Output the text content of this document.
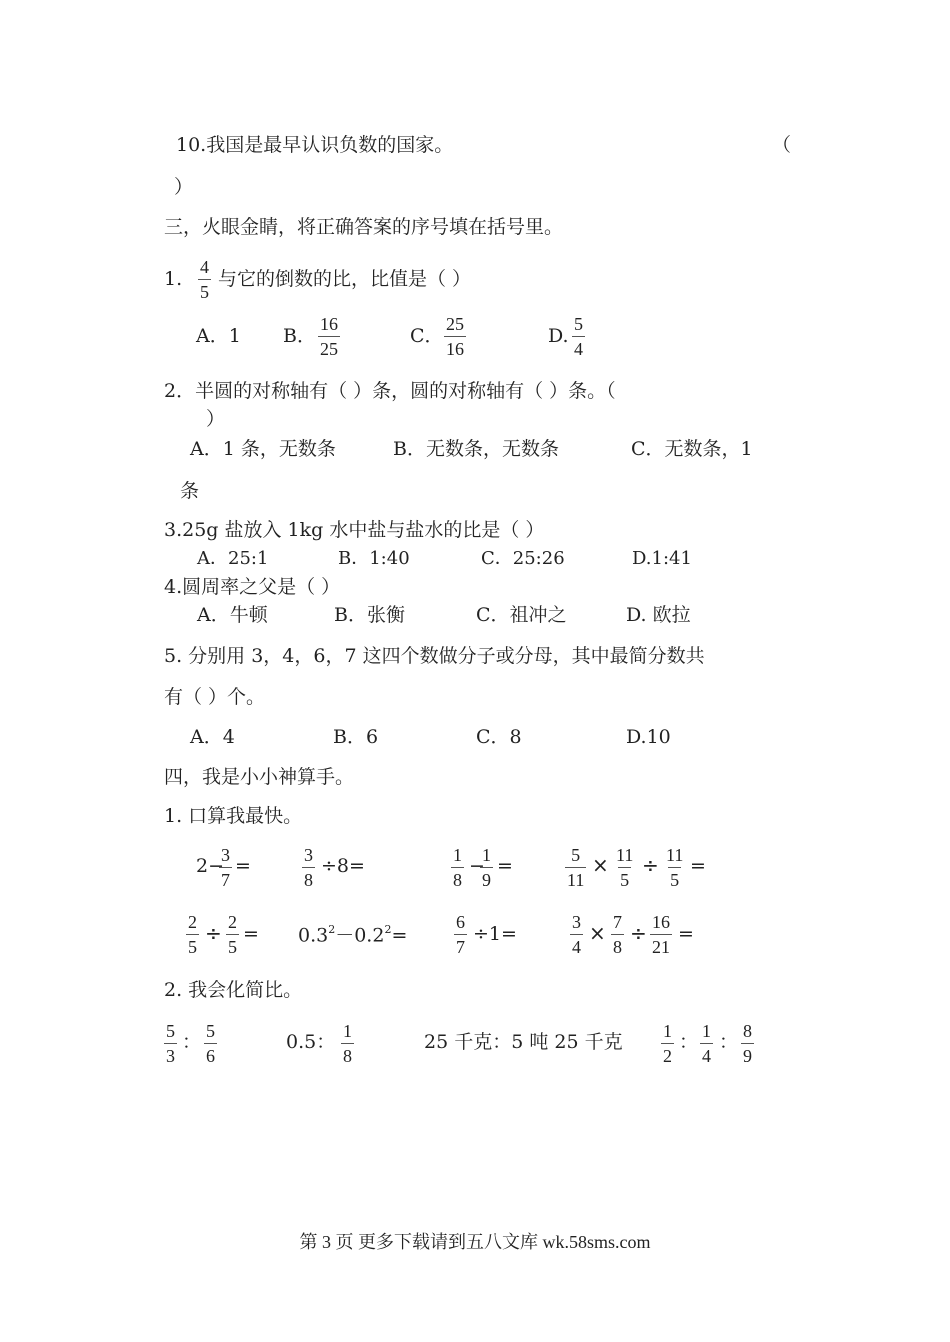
10.我国是最早认识负数的国家。	（
）
三，火眼金睛，将正确答案的序号填在括号里。
1. $\frac{4}{5}$ 与它的倒数的比，比值是（ ）
A．1 B． $\frac{16}{25}$	C． $\frac{25}{16}$	D. $\frac{5}{4}$
2．半圆的对称轴有（ ）条，圆的对称轴有（ ）条。（
）
A．1 条，无数条	B．无数条，无数条	C．无数条，1
条
3.25g 盐放入 1kg 水中盐与盐水的比是（ ）
A．25:1	B．1:40	C．25:26	D.1:41
4.圆周率之父是（ ）
A．牛顿	B．张衡	C．祖冲之	D. 欧拉
5. 分别用 3，4，6，7 这四个数做分子或分母，其中最简分数共
有（ ）个。
A．4	B．6	C．8	D.10
四，我是小小神算手。
1. 口算我最快。
2−
$\frac{3}{7}$ =	$\frac{3}{8} \div 8=$	$\frac{1}{8}$ −
$\frac{1}{9}$ =	$\frac{5}{11} \times \frac{11}{5} \div \frac{11}{5}$ =
$\frac{2}{5} \div \frac{2}{5} = 0.3^2-0.2^2=$	$\frac{6}{7} \div 1=$	$\frac{3}{4} \times \frac{7}{8} \div \frac{16}{21}$ =
2. 我会化简比。
$\frac{5}{3}$ ： $\frac{5}{6}$	0.5： $\frac{1}{8}$	25 千克：5 吨 25 千克 $\frac{1}{2}$ ： $\frac{1}{4}$ ： $\frac{8}{9}$
第 3 页 更多下载请到五八文库 wk.58sms.com
